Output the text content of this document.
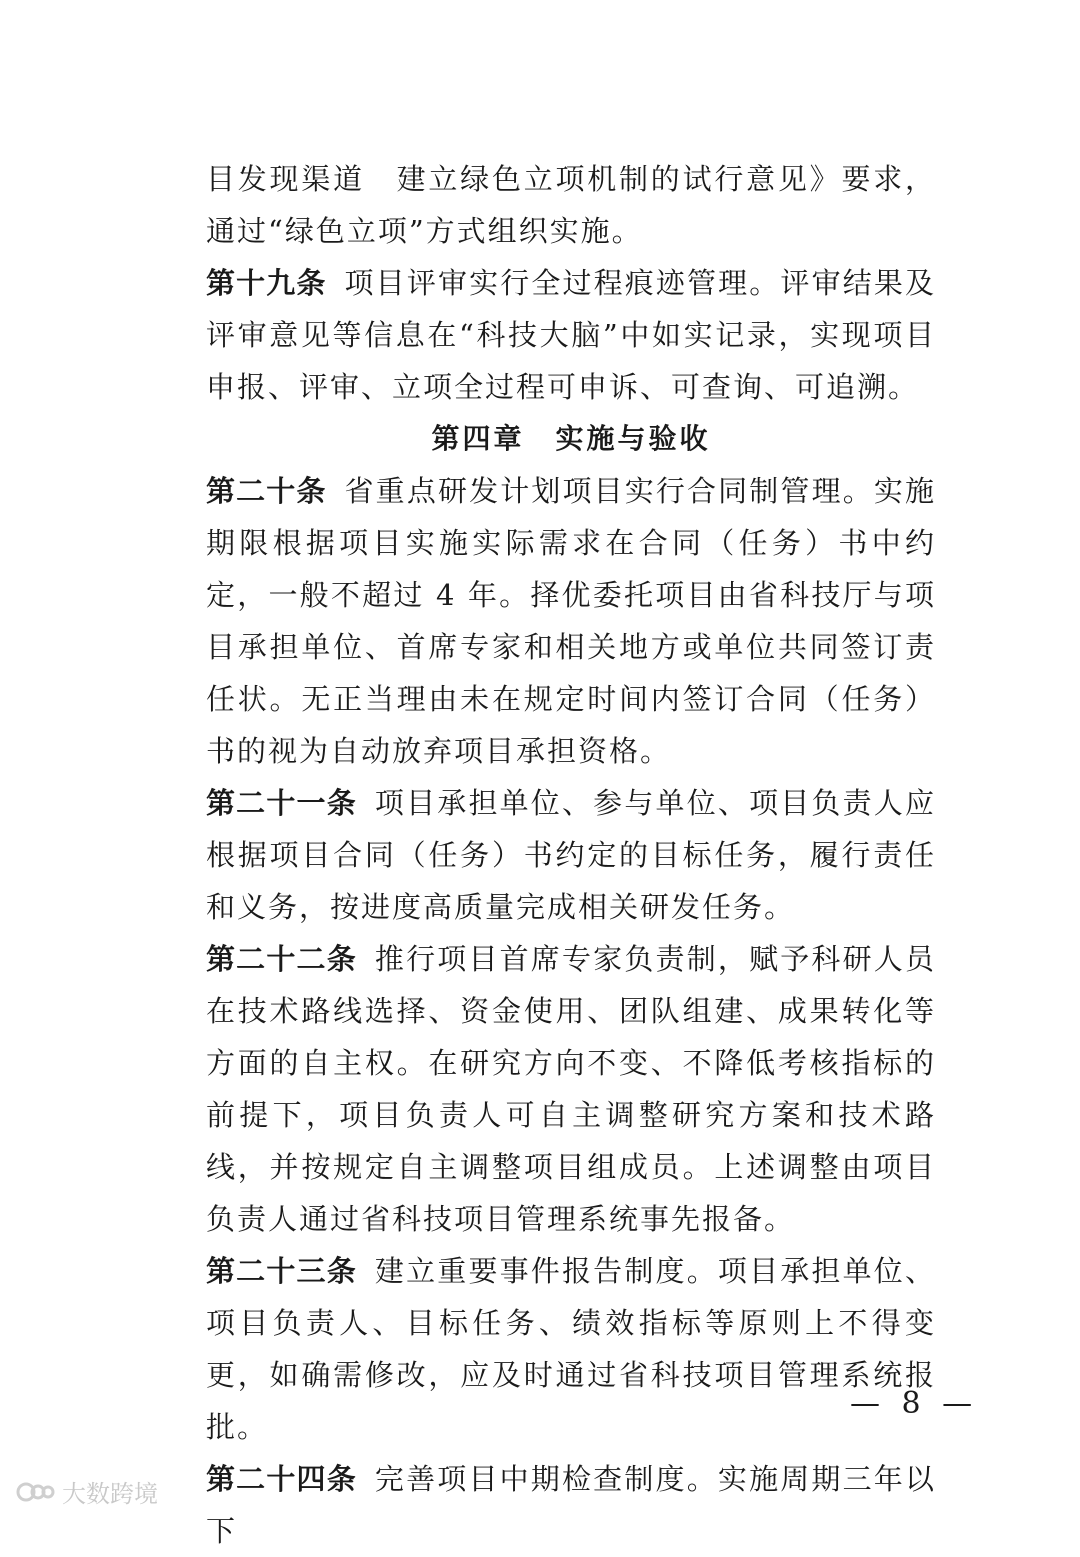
目发现渠道　建立绿色立项机制的试行意见》要求，通过“绿色立项”方式组织实施。

第十九条 项目评审实行全过程痕迹管理。评审结果及评审意见等信息在“科技大脑”中如实记录，实现项目申报、评审、立项全过程可申诉、可查询、可追溯。

第四章　实施与验收

第二十条 省重点研发计划项目实行合同制管理。实施期限根据项目实施实际需求在合同（任务）书中约定，一般不超过 4 年。择优委托项目由省科技厅与项目承担单位、首席专家和相关地方或单位共同签订责任状。无正当理由未在规定时间内签订合同（任务）书的视为自动放弃项目承担资格。

第二十一条 项目承担单位、参与单位、项目负责人应根据项目合同（任务）书约定的目标任务，履行责任和义务，按进度高质量完成相关研发任务。

第二十二条 推行项目首席专家负责制，赋予科研人员在技术路线选择、资金使用、团队组建、成果转化等方面的自主权。在研究方向不变、不降低考核指标的前提下，项目负责人可自主调整研究方案和技术路线，并按规定自主调整项目组成员。上述调整由项目负责人通过省科技项目管理系统事先报备。

第二十三条 建立重要事件报告制度。项目承担单位、项目负责人、目标任务、绩效指标等原则上不得变更，如确需修改，应及时通过省科技项目管理系统报批。

第二十四条 完善项目中期检查制度。实施周期三年以下

— 8 —
大数跨境
